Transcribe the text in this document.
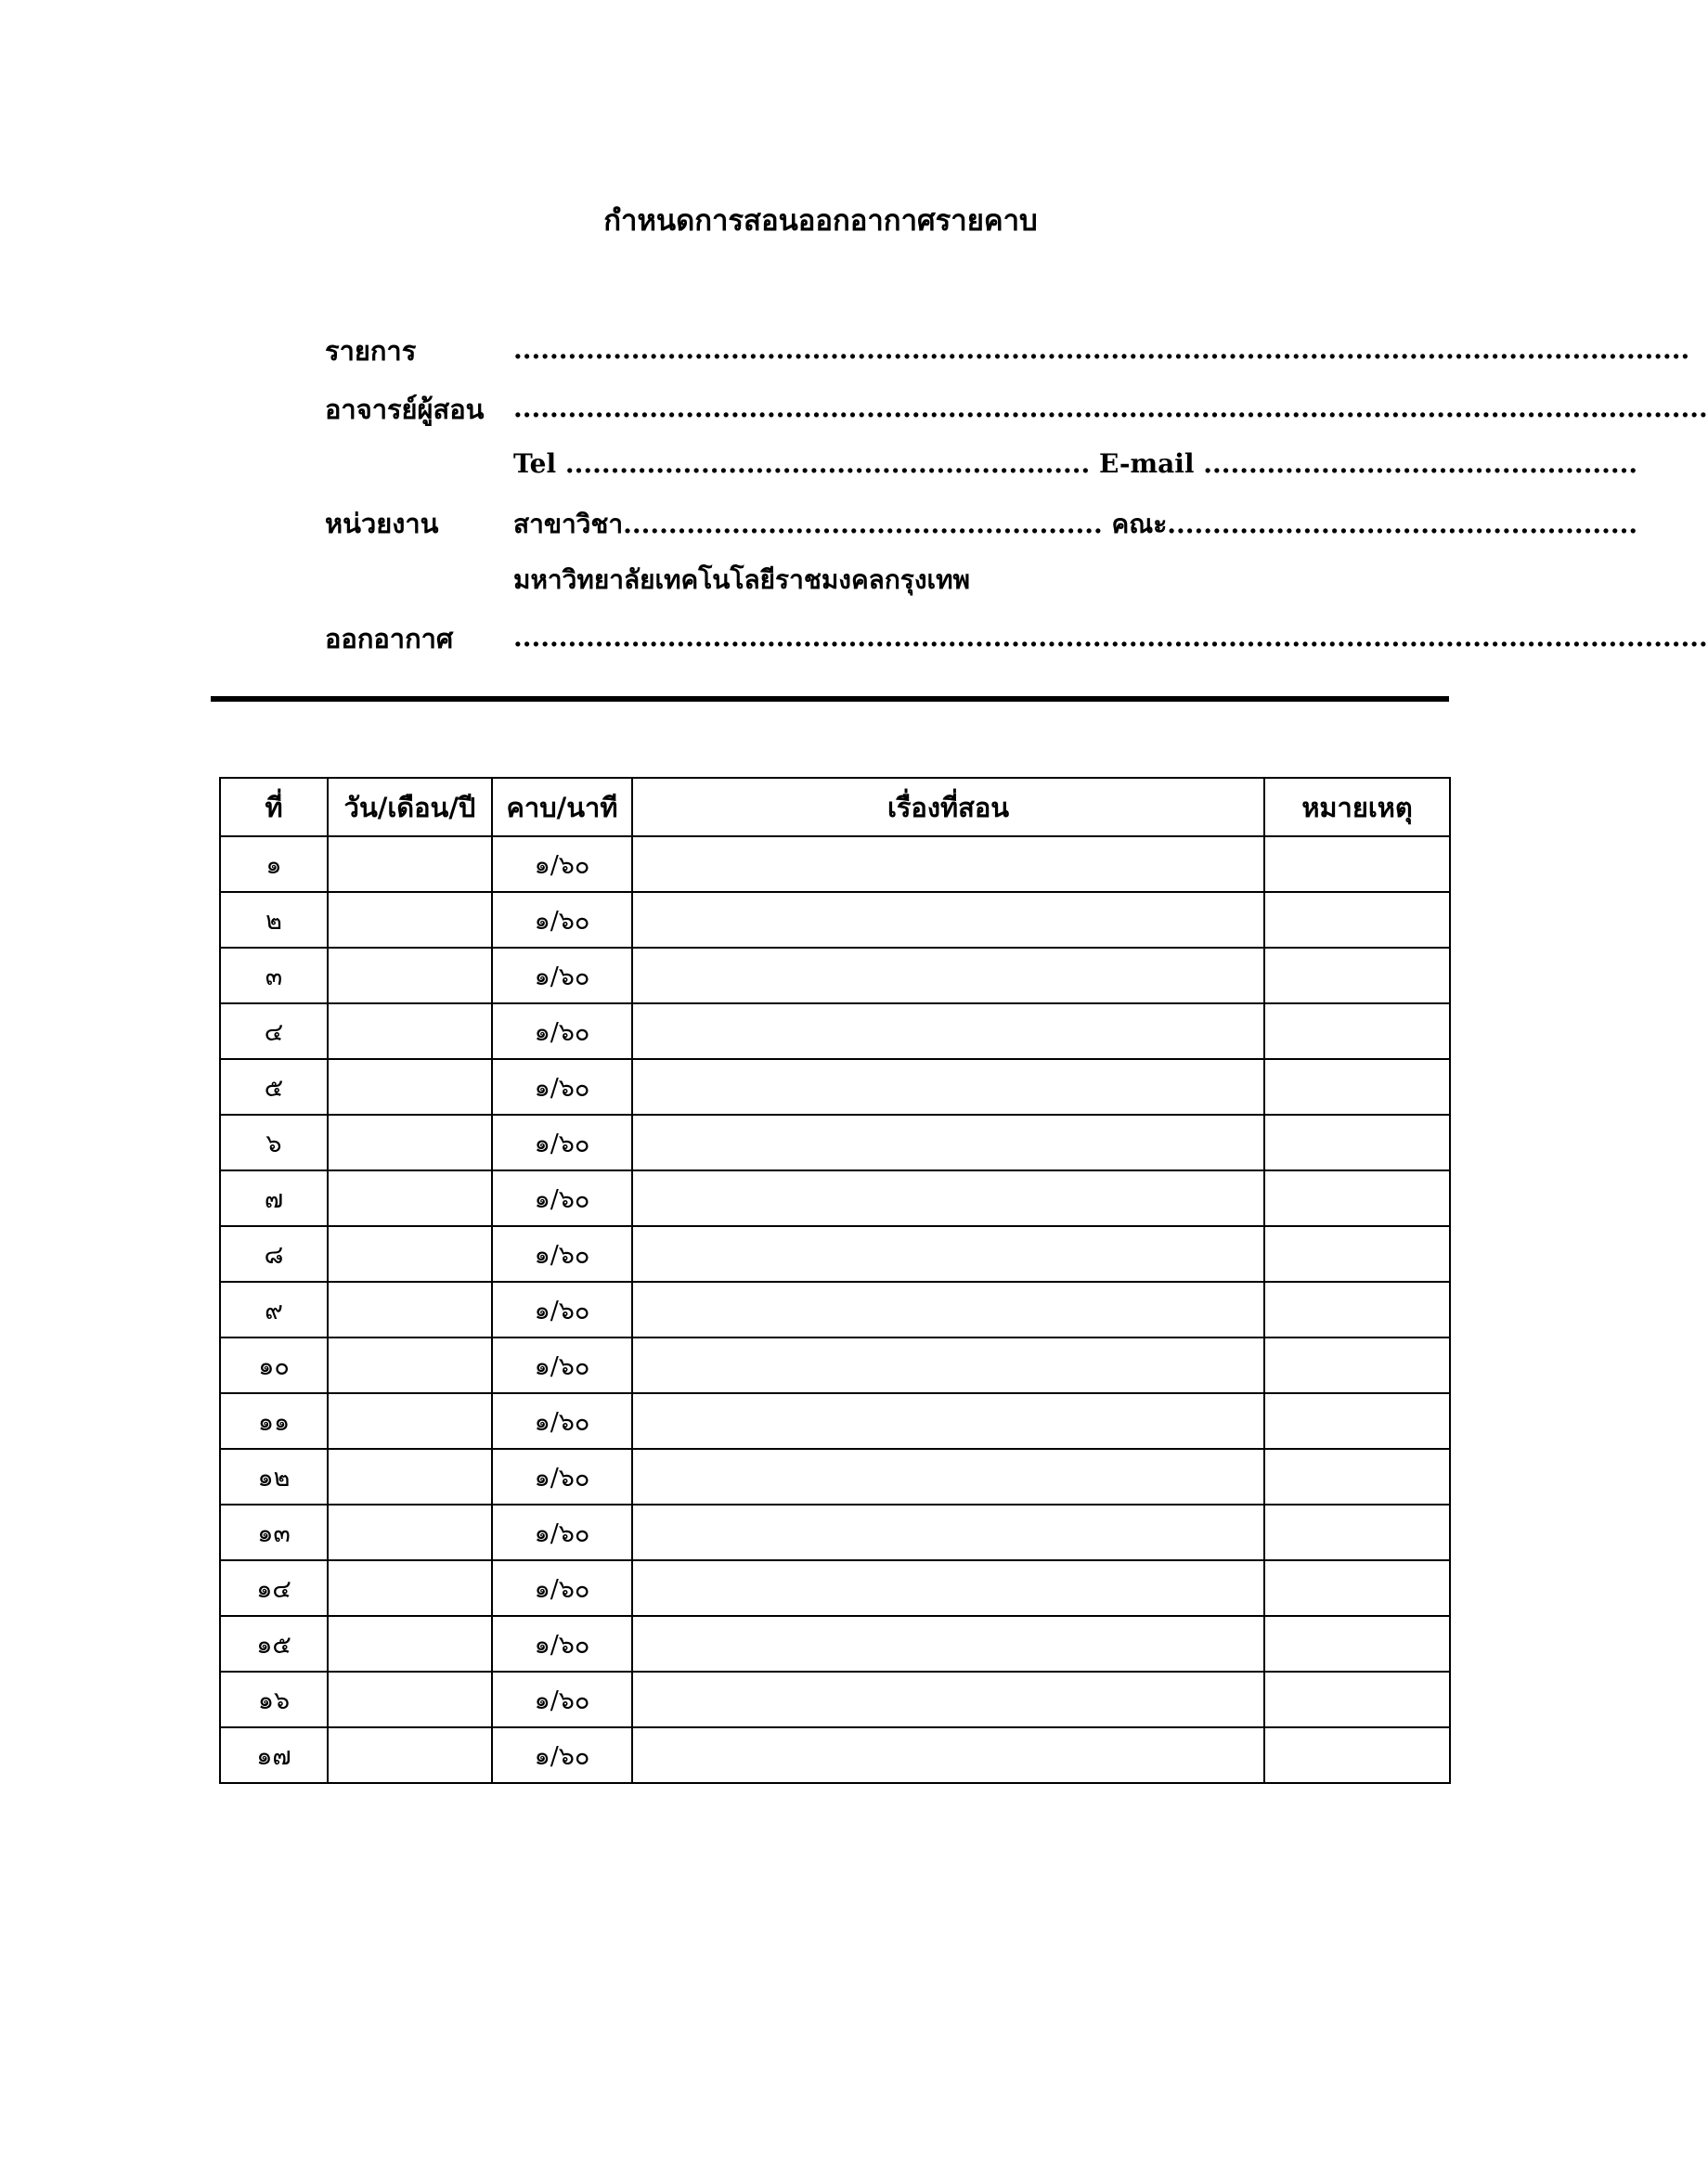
กำหนดการสอนออกอากาศรายคาบ
รายการ	..................................................................................................................................
อาจารย์ผู้สอน ....................................................................................................................................
Tel .......................................................... E-mail ................................................
หน่วยงาน	สาขาวิชา..................................................... คณะ....................................................
มหาวิทยาลัยเทคโนโลยีราชมงคลกรุงเทพ
ออกอากาศ ....................................................................................................................................
ที่	วัน/เดือน/ปี	คาบ/นาที	เรื่องที่สอน	หมายเหตุ
๑		๑/๖๐		
๒		๑/๖๐		
๓		๑/๖๐		
๔		๑/๖๐		
๕		๑/๖๐		
๖		๑/๖๐		
๗		๑/๖๐		
๘		๑/๖๐		
๙		๑/๖๐		
๑๐		๑/๖๐		
๑๑		๑/๖๐		
๑๒		๑/๖๐		
๑๓		๑/๖๐		
๑๔		๑/๖๐		
๑๕		๑/๖๐		
๑๖		๑/๖๐		
๑๗		๑/๖๐		
